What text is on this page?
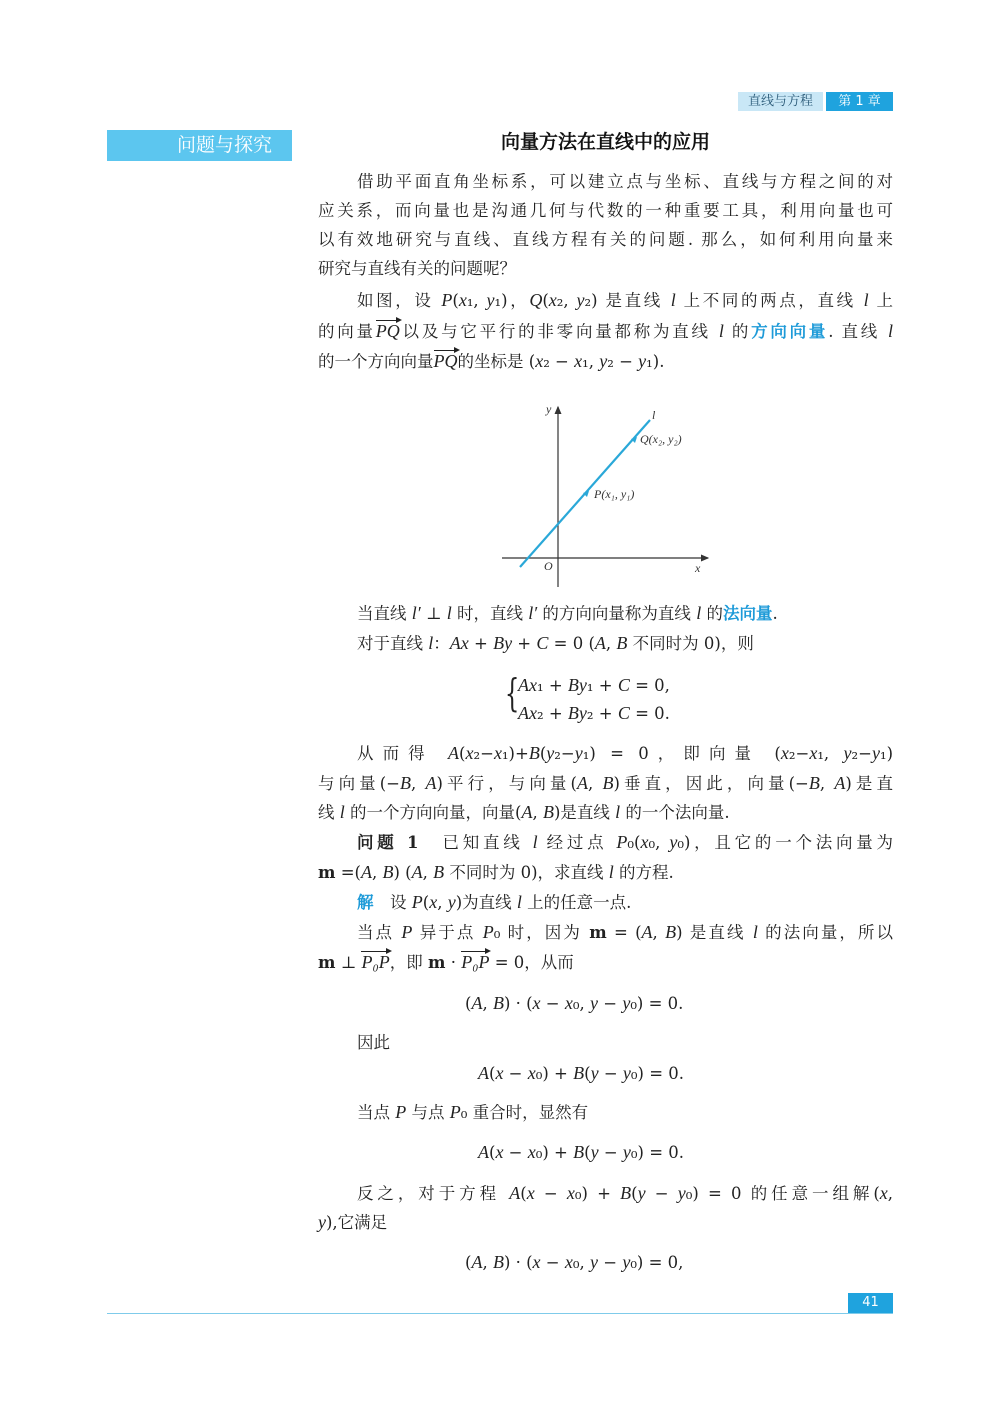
直线与方程	第 1 章
问题与探究	向量方法在直线中的应用
借助平面直角坐标系，可以建立点与坐标、直线与方程之间的对
应关系，而向量也是沟通几何与代数的一种重要工具，利用向量也可
以有效地研究与直线、直线方程有关的问题. 那么，如何利用向量来
研究与直线有关的问题呢？
如图，设 P(x₁, y₁)，Q(x₂, y₂) 是直线 l 上不同的两点，直线 l 上
的向量PQ以及与它平行的非零向量都称为直线 l 的方向向量. 直线 l
的一个方向向量PQ的坐标是 (x₂ − x₁, y₂ − y₁).
当直线 l′ ⊥ l 时，直线 l′ 的方向向量称为直线 l 的法向量.
对于直线 l：Ax + By + C = 0 (A, B 不同时为 0)，则
Ax₁ + By₁ + C = 0,
Ax₂ + By₂ + C = 0.
从而得 A(x₂−x₁)+B(y₂−y₁) = 0，即向量 (x₂−x₁, y₂−y₁)
与向量(−B, A)平行，与向量(A, B)垂直，因此，向量(−B, A)是直
线 l 的一个方向向量，向量(A, B)是直线 l 的一个法向量.
问题 1　已知直线 l 经过点 P₀(x₀, y₀)，且它的一个法向量为
m =(A, B) (A, B 不同时为 0)，求直线 l 的方程.
解　设 P(x, y)为直线 l 上的任意一点.
当点 P 异于点 P₀ 时，因为 m = (A, B) 是直线 l 的法向量，所以
m ⊥ P₀P，即 m · P₀P = 0，从而
(A, B) · (x − x₀, y − y₀) = 0.
因此
A(x − x₀) + B(y − y₀) = 0.
当点 P 与点 P₀ 重合时，显然有
A(x − x₀) + B(y − y₀) = 0.
反之，对于方程 A(x − x₀) + B(y − y₀) = 0 的任意一组解(x,
y),它满足
(A, B) · (x − x₀, y − y₀) = 0,
{
y
x
O
l
Q(x₂, y₂)
P(x₁, y₁)
41
